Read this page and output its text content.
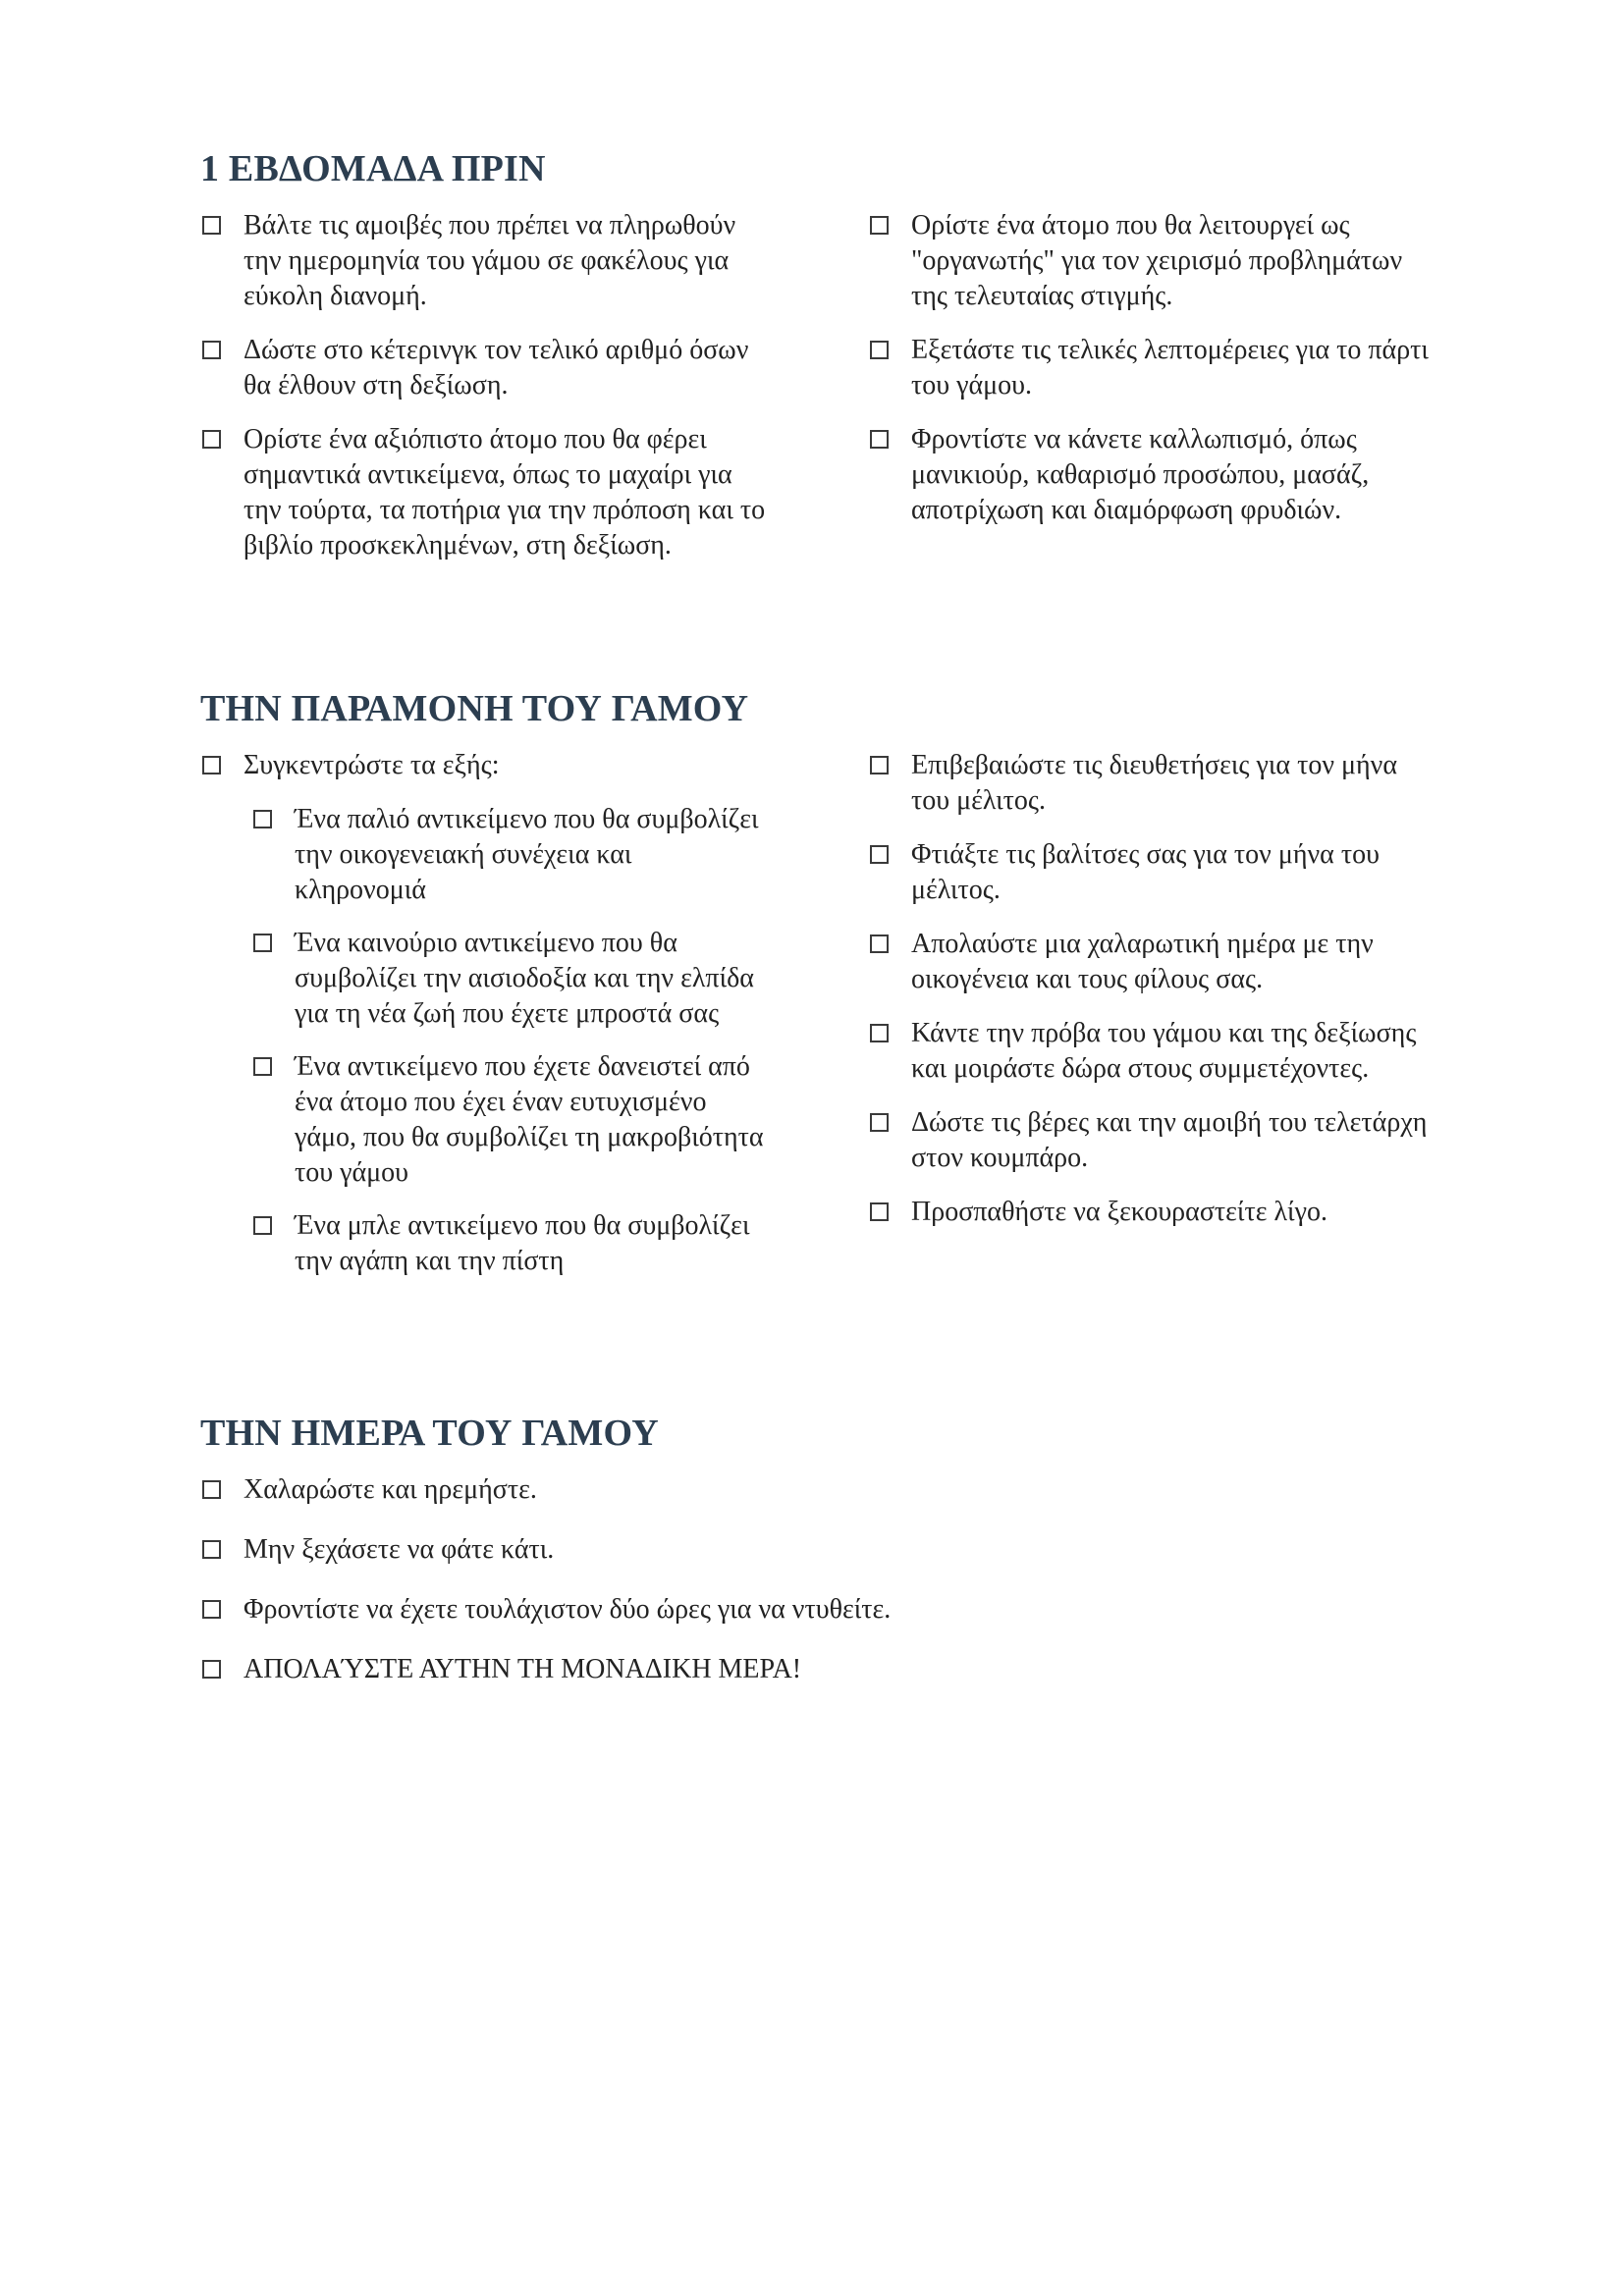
1 ΕΒΔΟΜΑΔΑ ΠΡΙΝ
Βάλτε τις αμοιβές που πρέπει να πληρωθούν την ημερομηνία του γάμου σε φακέλους για εύκολη διανομή.
Δώστε στο κέτερινγκ τον τελικό αριθμό όσων θα έλθουν στη δεξίωση.
Ορίστε ένα αξιόπιστο άτομο που θα φέρει σημαντικά αντικείμενα, όπως το μαχαίρι για την τούρτα, τα ποτήρια για την πρόποση και το βιβλίο προσκεκλημένων, στη δεξίωση.
Ορίστε ένα άτομο που θα λειτουργεί ως "οργανωτής" για τον χειρισμό προβλημάτων της τελευταίας στιγμής.
Εξετάστε τις τελικές λεπτομέρειες για το πάρτι του γάμου.
Φροντίστε να κάνετε καλλωπισμό, όπως μανικιούρ, καθαρισμό προσώπου, μασάζ, αποτρίχωση και διαμόρφωση φρυδιών.
ΤΗΝ ΠΑΡΑΜΟΝΗ ΤΟΥ ΓΑΜΟΥ
Συγκεντρώστε τα εξής:
Ένα παλιό αντικείμενο που θα συμβολίζει την οικογενειακή συνέχεια και κληρονομιά
Ένα καινούριο αντικείμενο που θα συμβολίζει την αισιοδοξία και την ελπίδα για τη νέα ζωή που έχετε μπροστά σας
Ένα αντικείμενο που έχετε δανειστεί από ένα άτομο που έχει έναν ευτυχισμένο γάμο, που θα συμβολίζει τη μακροβιότητα του γάμου
Ένα μπλε αντικείμενο που θα συμβολίζει την αγάπη και την πίστη
Επιβεβαιώστε τις διευθετήσεις για τον μήνα του μέλιτος.
Φτιάξτε τις βαλίτσες σας για τον μήνα του μέλιτος.
Απολαύστε μια χαλαρωτική ημέρα με την οικογένεια και τους φίλους σας.
Κάντε την πρόβα του γάμου και της δεξίωσης και μοιράστε δώρα στους συμμετέχοντες.
Δώστε τις βέρες και την αμοιβή του τελετάρχη στον κουμπάρο.
Προσπαθήστε να ξεκουραστείτε λίγο.
ΤΗΝ ΗΜΕΡΑ ΤΟΥ ΓΑΜΟΥ
Χαλαρώστε και ηρεμήστε.
Μην ξεχάσετε να φάτε κάτι.
Φροντίστε να έχετε τουλάχιστον δύο ώρες για να ντυθείτε.
ΑΠΟΛΑΎΣΤΕ ΑΥΤΗΝ ΤΗ ΜΟΝΑΔΙΚΗ ΜΕΡΑ!
